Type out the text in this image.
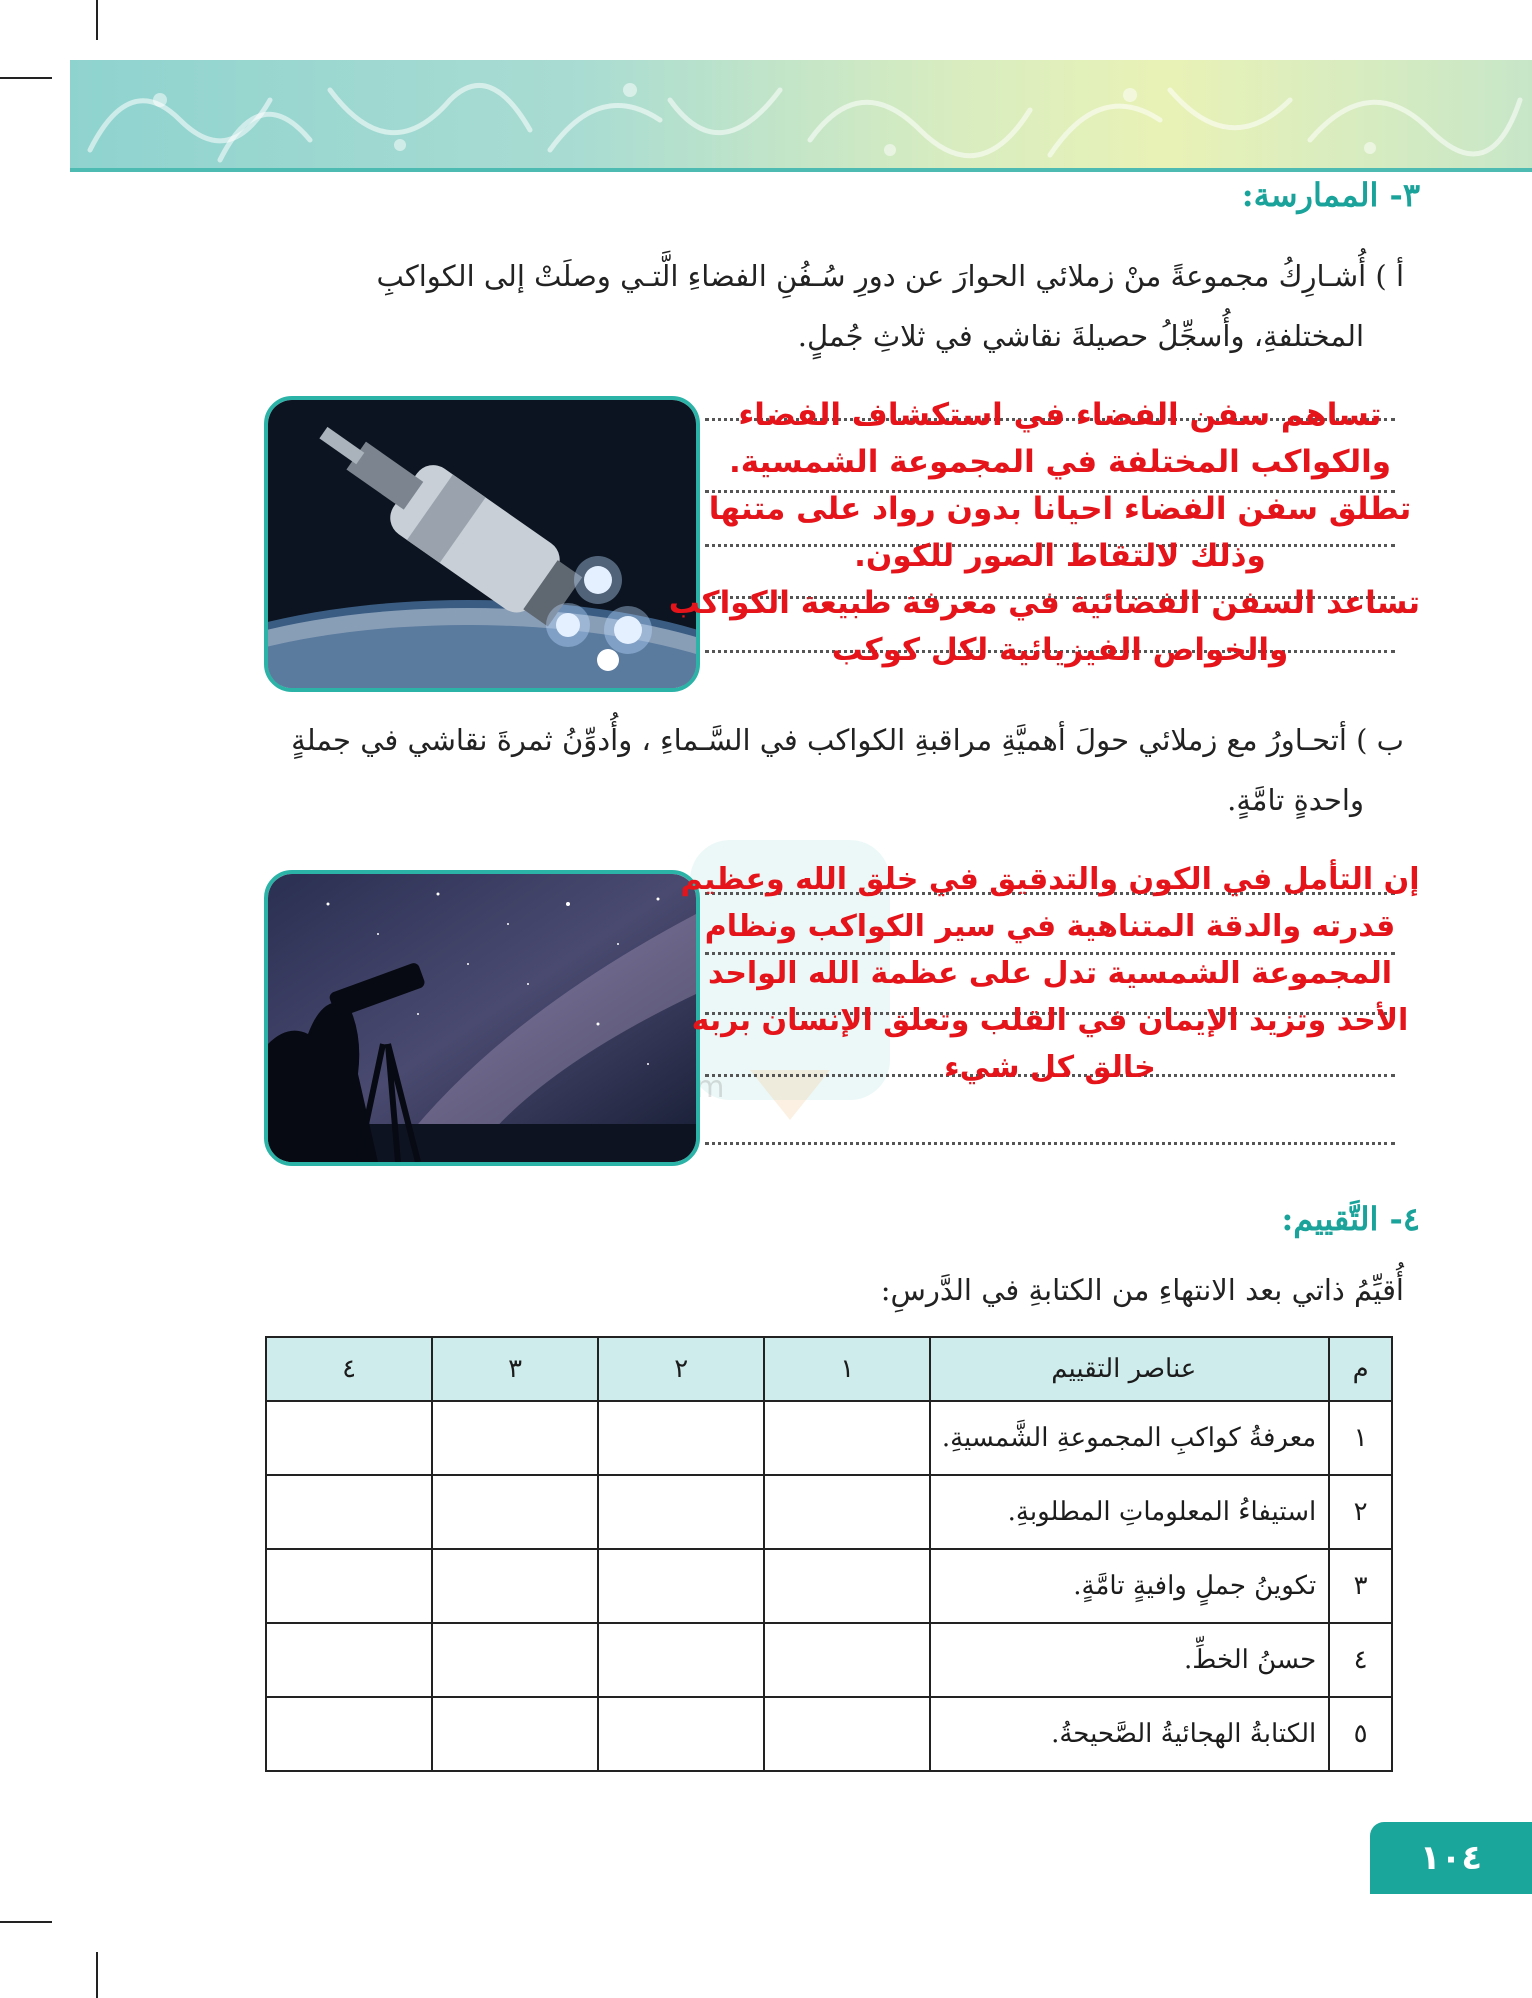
٣- الممارسة:
أ ) أُشـارِكُ مجموعةً منْ زملائي الحوارَ عن دورِ سُـفُنِ الفضاءِ الَّتـي وصلَتْ إلى الكواكبِ
المختلفةِ، وأُسجِّلُ حصيلةَ نقاشي في ثلاثِ جُملٍ.
تساهم سفن الفضاء في استكشاف الفضاء
والكواكب المختلفة في المجموعة الشمسية.
تطلق سفن الفضاء احيانا بدون رواد على متنها
وذلك لالتقاط الصور للكون.
تساعد السفن الفضائية في معرفة طبيعة الكواكب
والخواص الفيزيائية لكل كوكب
ب ) أتحـاورُ مع زملائي حولَ أهميَّةِ مراقبةِ الكواكب في السَّـماءِ ، وأُدوِّنُ ثمرةَ نقاشي في جملةٍ
واحدةٍ تامَّةٍ.
إن التأمل في الكون والتدقيق في خلق الله وعظيم
قدرته والدقة المتناهية في سير الكواكب ونظام
المجموعة الشمسية تدل على عظمة الله الواحد
الأحد وتزيد الإيمان في القلب وتعلق الإنسان بربه
خالق كل شيء
٤- التَّقييم:
أُقيِّمُ ذاتي بعد الانتهاءِ من الكتابةِ في الدَّرسِ:
م	عناصر التقييم	١	٢	٣	٤
١	معرفةُ كواكبِ المجموعةِ الشَّمسيةِ.				
٢	استيفاءُ المعلوماتِ المطلوبةِ.				
٣	تكوينُ جملٍ وافيةٍ تامَّةٍ.				
٤	حسنُ الخطِّ.				
٥	الكتابةُ الهجائيةُ الصَّحيحةُ.				
١٠٤
